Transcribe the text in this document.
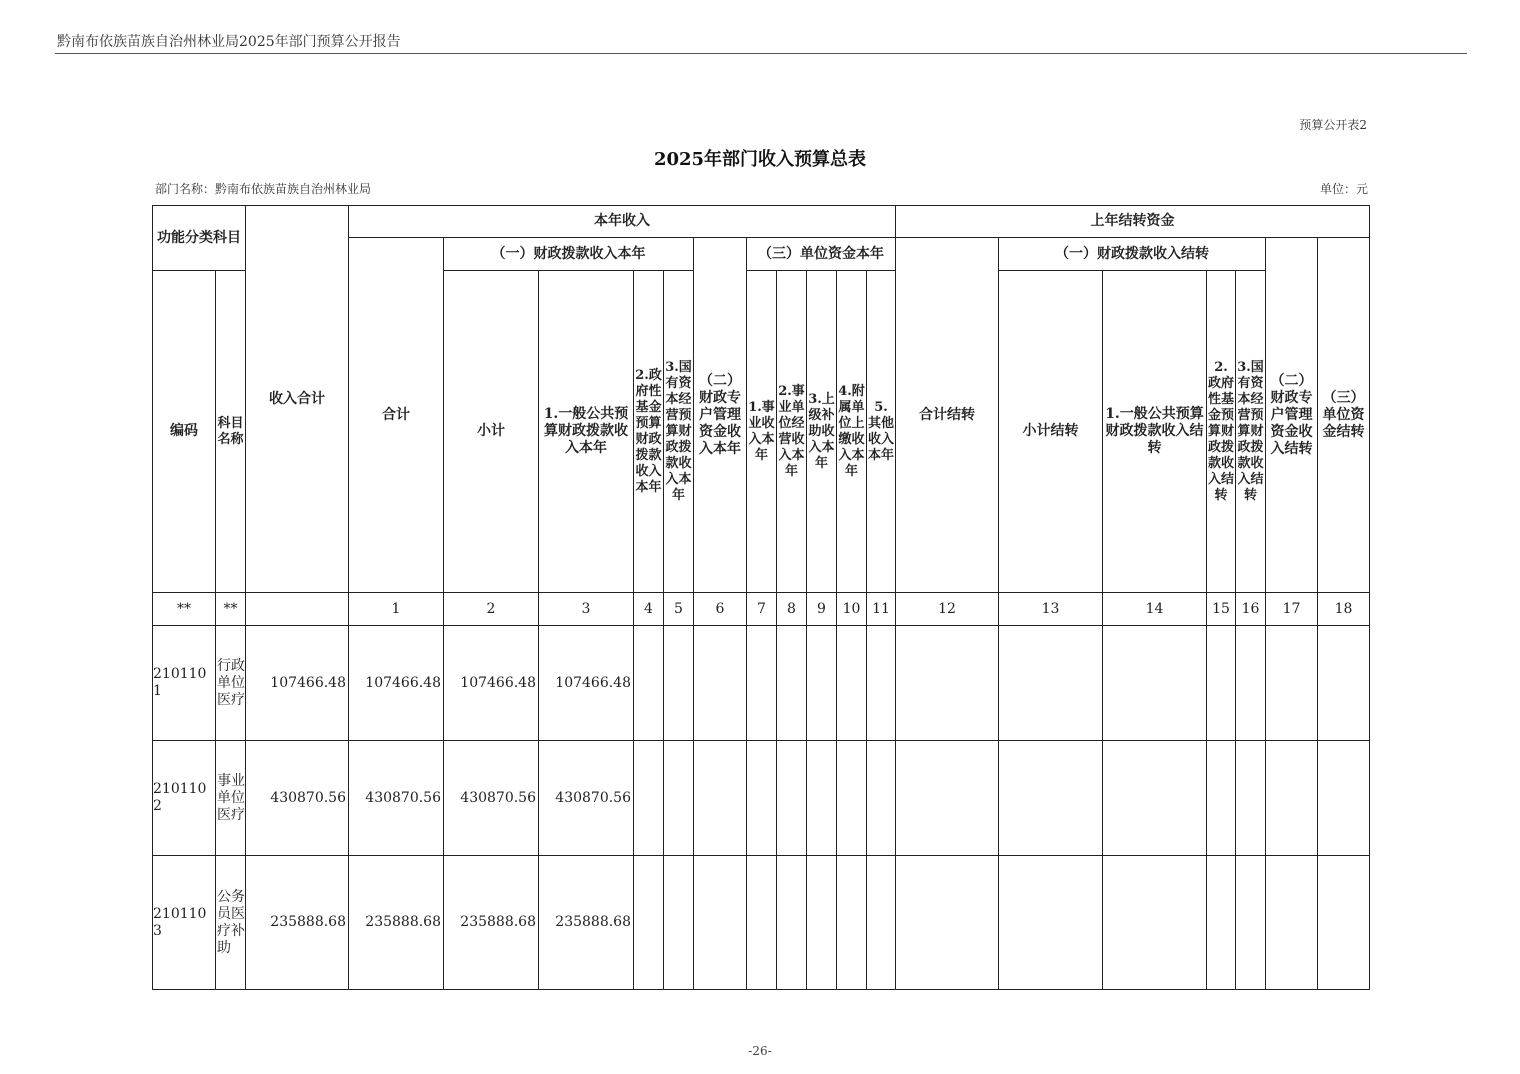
黔南布依族苗族自治州林业局2025年部门预算公开报告
预算公开表2
2025年部门收入预算总表
部门名称：黔南布依族苗族自治州林业局	单位：元
功能分类科目		收入合计	本年收入											上年结转资金						
			合计	（一）财政拨款收入本年				（二）财政专户管理资金收入本年	（三）单位资金本年					合计结转	（一）财政拨款收入结转				（二）财政专户管理资金收入结转	（三）单位资金结转
编码	科目名称			小计	1.一般公共预算财政拨款收入本年	2.政府性基金预算财政拨款收入本年	3.国有资本经营预算财政拨款收入本年		1.事业收入本年	2.事业单位经营收入本年	3.上级补助收入本年	4.附属单位上缴收入本年	5.其他收入本年		小计结转	1.一般公共预算财政拨款收入结转	2.政府性基金预算财政拨款收入结转	3.国有资本经营预算财政拨款收入结转		
**	**		1	2	3	4	5	6	7	8	9	10	11	12	13	14	15	16	17	18
2101101	行政单位医疗	107466.48	107466.48	107466.48	107466.48															
2101102	事业单位医疗	430870.56	430870.56	430870.56	430870.56															
2101103	公务员医疗补助	235888.68	235888.68	235888.68	235888.68															
-26-
